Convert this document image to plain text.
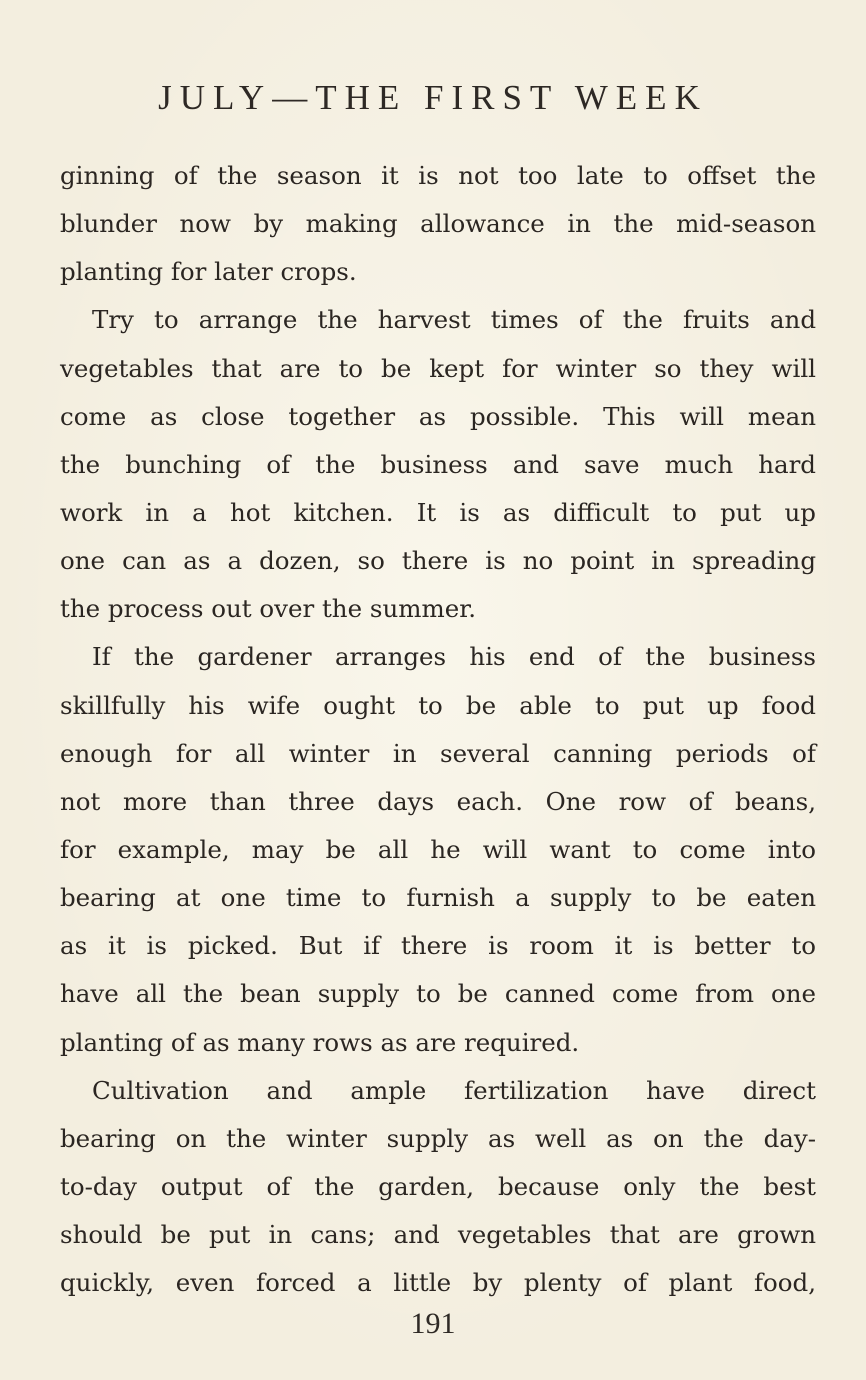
JULY—THE FIRST WEEK
ginning of the season it is not too late to offset the
blunder now by making allowance in the mid-season
planting for later crops.
Try to arrange the harvest times of the fruits and
vegetables that are to be kept for winter so they will
come as close together as possible. This will mean
the bunching of the business and save much hard
work in a hot kitchen. It is as difficult to put up
one can as a dozen, so there is no point in spreading
the process out over the summer.
If the gardener arranges his end of the business
skillfully his wife ought to be able to put up food
enough for all winter in several canning periods of
not more than three days each. One row of beans,
for example, may be all he will want to come into
bearing at one time to furnish a supply to be eaten
as it is picked. But if there is room it is better to
have all the bean supply to be canned come from one
planting of as many rows as are required.
Cultivation and ample fertilization have direct
bearing on the winter supply as well as on the day-
to-day output of the garden, because only the best
should be put in cans; and vegetables that are grown
quickly, even forced a little by plenty of plant food,
191
